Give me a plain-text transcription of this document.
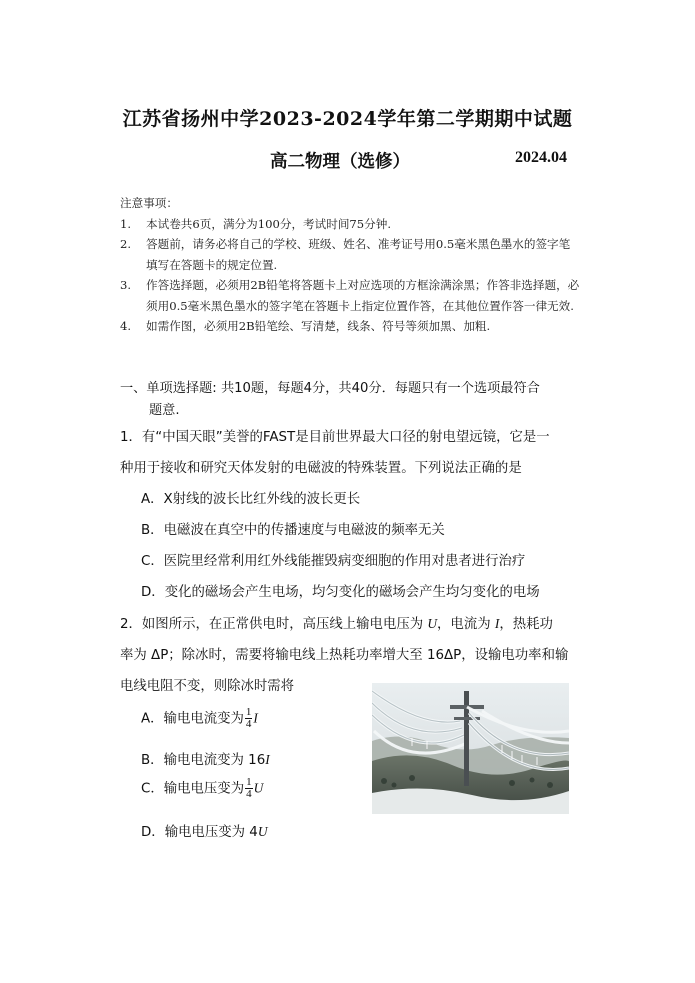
江苏省扬州中学2023-2024学年第二学期期中试题
高二物理（选修）	2024.04
注意事项：
1. 本试卷共6页，满分为100分，考试时间75分钟.
2. 答题前，请务必将自己的学校、班级、姓名、准考证号用0.5毫米黑色墨水的签字笔填写在答题卡的规定位置.
3. 作答选择题，必须用2B铅笔将答题卡上对应选项的方框涂满涂黑；作答非选择题，必须用0.5毫米黑色墨水的签字笔在答题卡上指定位置作答，在其他位置作答一律无效.
4. 如需作图，必须用2B铅笔绘、写清楚，线条、符号等须加黑、加粗.
一、单项选择题: 共10题，每题4分，共40分．每题只有一个选项最符合
题意.
1．有“中国天眼”美誉的FAST是目前世界最大口径的射电望远镜，它是一
种用于接收和研究天体发射的电磁波的特殊装置。下列说法正确的是
A．X射线的波长比红外线的波长更长
B．电磁波在真空中的传播速度与电磁波的频率无关
C．医院里经常利用红外线能摧毁病变细胞的作用对患者进行治疗
D．变化的磁场会产生电场，均匀变化的磁场会产生均匀变化的电场
2．如图所示，在正常供电时，高压线上输电电压为 U，电流为 I，热耗功
率为 ΔP；除冰时，需要将输电线上热耗功率增大至 16ΔP，设输电功率和输
电线电阻不变，则除冰时需将
A．输电电流变为 $\frac{1}{4}$ I
B．输电电流变为 16I
C．输电电压变为 $\frac{1}{4}$ U
D．输电电压变为 4U
